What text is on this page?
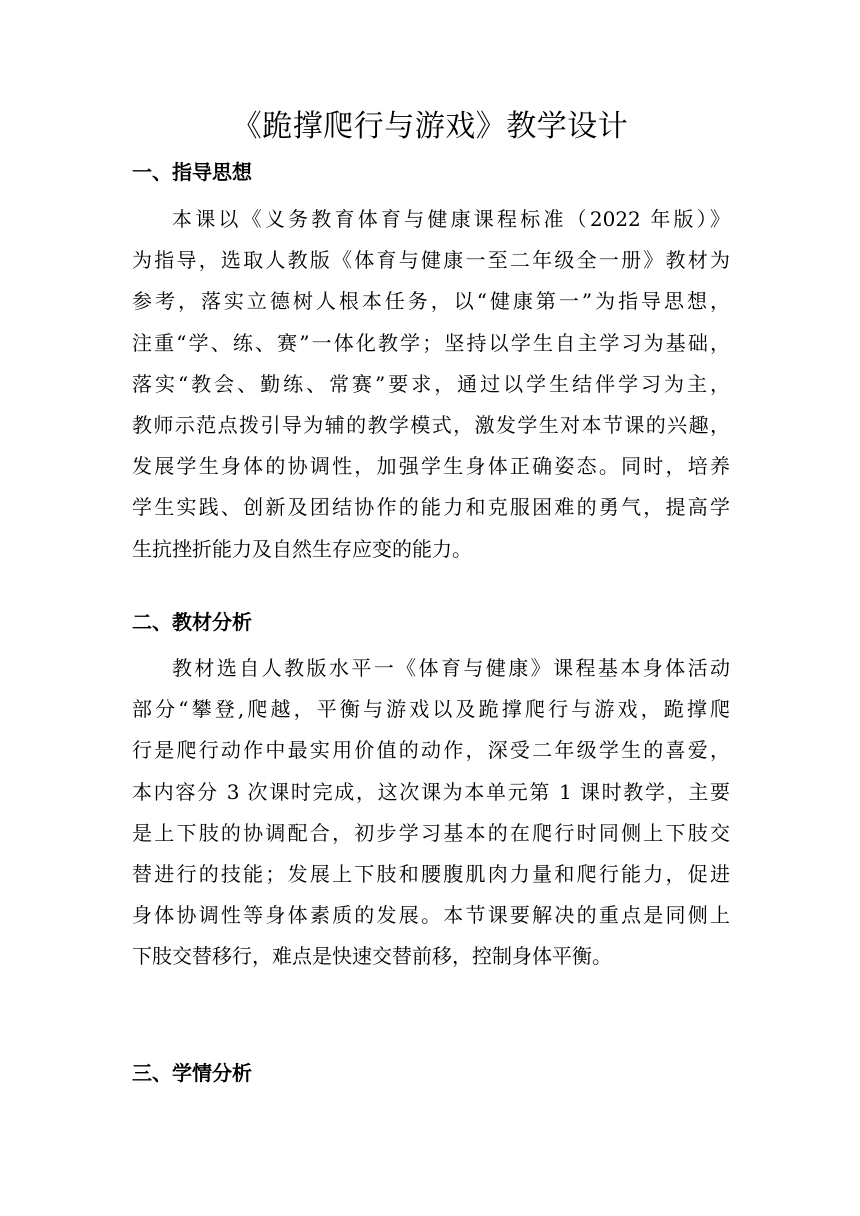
《跪撑爬行与游戏》教学设计
一、指导思想
本课以《义务教育体育与健康课程标准（2022 年版）》
为指导，选取人教版《体育与健康一至二年级全一册》教材为
参考，落实立德树人根本任务，以“健康第一”为指导思想，
注重“学、练、赛”一体化教学；坚持以学生自主学习为基础，
落实“教会、勤练、常赛”要求，通过以学生结伴学习为主，
教师示范点拨引导为辅的教学模式，激发学生对本节课的兴趣，
发展学生身体的协调性，加强学生身体正确姿态。同时，培养
学生实践、创新及团结协作的能力和克服困难的勇气，提高学
生抗挫折能力及自然生存应变的能力。
二、教材分析
教材选自人教版水平一《体育与健康》课程基本身体活动
部分“攀登,爬越，平衡与游戏以及跪撑爬行与游戏，跪撑爬
行是爬行动作中最实用价值的动作，深受二年级学生的喜爱，
本内容分 3 次课时完成，这次课为本单元第 1 课时教学，主要
是上下肢的协调配合，初步学习基本的在爬行时同侧上下肢交
替进行的技能；发展上下肢和腰腹肌肉力量和爬行能力，促进
身体协调性等身体素质的发展。本节课要解决的重点是同侧上
下肢交替移行，难点是快速交替前移，控制身体平衡。
三、学情分析
